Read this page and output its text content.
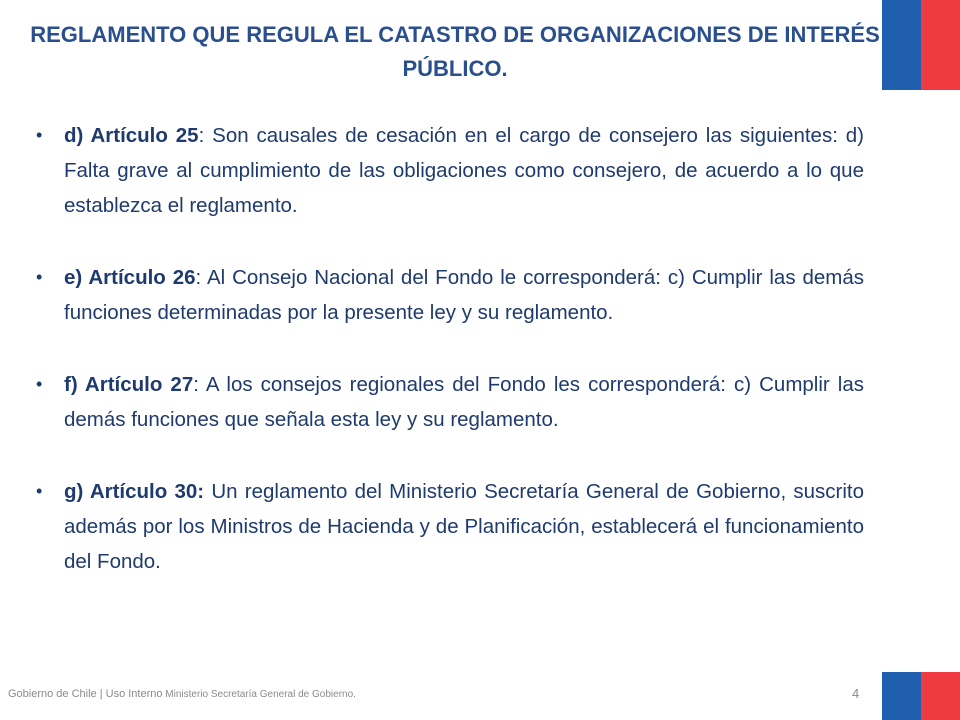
REGLAMENTO QUE REGULA EL CATASTRO DE ORGANIZACIONES DE INTERÉS PÚBLICO.
• d) Artículo 25: Son causales de cesación en el cargo de consejero las siguientes: d) Falta grave al cumplimiento de las obligaciones como consejero, de acuerdo a lo que establezca el reglamento.
• e) Artículo 26: Al Consejo Nacional del Fondo le corresponderá: c) Cumplir las demás funciones determinadas por la presente ley y su reglamento.
• f) Artículo 27: A los consejos regionales del Fondo les corresponderá: c) Cumplir las demás funciones que señala esta ley y su reglamento.
• g) Artículo 30: Un reglamento del Ministerio Secretaría General de Gobierno, suscrito además por los Ministros de Hacienda y de Planificación, establecerá el funcionamiento del Fondo.
Gobierno de Chile | Uso Interno Ministerio Secretaría General de Gobierno.	4
